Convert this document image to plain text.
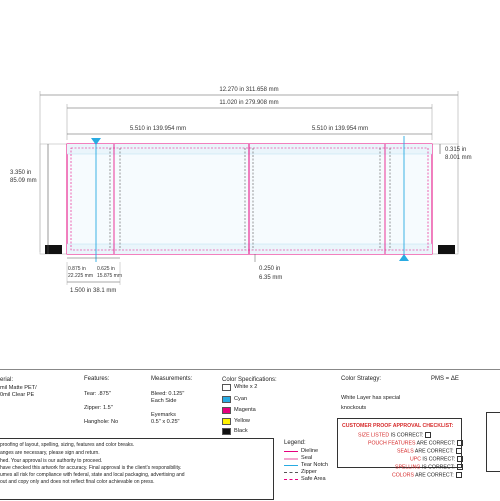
12.270 in 311.658 mm
11.020 in 279.908 mm
5.510 in 139.954 mm	5.510 in 139.954 mm
3.350 in
85.09 mm
0.315 in
8.001 mm
0.875 in
22.225 mm
0.625 in
15.875 mm
1.500 in 38.1 mm
0.250 in
6.35 mm
erial:
mil Matte PET/
0mil Clear PE
Features:
Tear: .875"
Zipper: 1.5"
Hanghole: No
Measurements:
Bleed: 0.125"
Each Side
Eyemarks
0.5" x 0.25"
Color Specifications:
White x 2
Cyan
Magenta
Yellow
Black
Color Strategy:	PMS = ΔE
White Layer has special
knockouts
proofing of layout, spelling, sizing, features and color breaks.
anges are necessary, please sign and return.
hed. Your approval is our authority to proceed.
have checked this artwork for accuracy. Final approval is the client's responsibility.
umes all risk for compliance with federal, state and local packaging, advertising and
out and copy only and does not reflect final color achievable on press.
Legend:
Dieline
Seal
Tear Notch
Zipper
Safe Area
CUSTOMER PROOF APPROVAL CHECKLIST:
SIZE LISTED IS CORRECT:
POUCH FEATURES ARE CORRECT:
SEALS ARE CORRECT:
UPC IS CORRECT:
SPELLING IS CORRECT:
COLORS ARE CORRECT:
